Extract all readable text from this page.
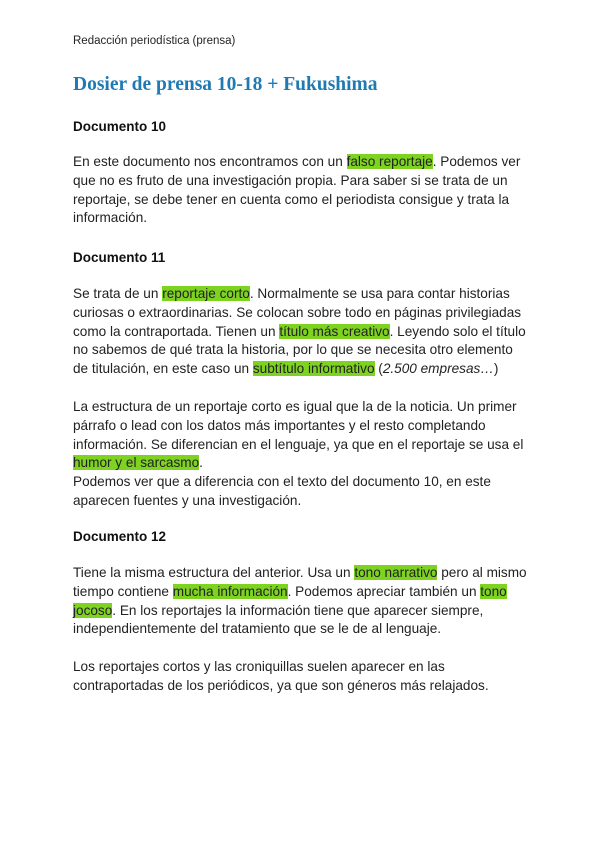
Redacción periodística (prensa)
Dosier de prensa 10-18 + Fukushima
Documento 10

En este documento nos encontramos con un falso reportaje. Podemos ver que no es fruto de una investigación propia. Para saber si se trata de un reportaje, se debe tener en cuenta como el periodista consigue y trata la información.

Documento 11

Se trata de un reportaje corto. Normalmente se usa para contar historias curiosas o extraordinarias. Se colocan sobre todo en páginas privilegiadas como la contraportada. Tienen un título más creativo. Leyendo solo el título no sabemos de qué trata la historia, por lo que se necesita otro elemento de titulación, en este caso un subtítulo informativo (2.500 empresas…)

La estructura de un reportaje corto es igual que la de la noticia. Un primer párrafo o lead con los datos más importantes y el resto completando información. Se diferencian en el lenguaje, ya que en el reportaje se usa el humor y el sarcasmo.

Podemos ver que a diferencia con el texto del documento 10, en este aparecen fuentes y una investigación.

Documento 12

Tiene la misma estructura del anterior. Usa un tono narrativo pero al mismo tiempo contiene mucha información. Podemos apreciar también un tono jocoso. En los reportajes la información tiene que aparecer siempre, independientemente del tratamiento que se le de al lenguaje.

Los reportajes cortos y las croniquillas suelen aparecer en las contraportadas de los periódicos, ya que son géneros más relajados.
